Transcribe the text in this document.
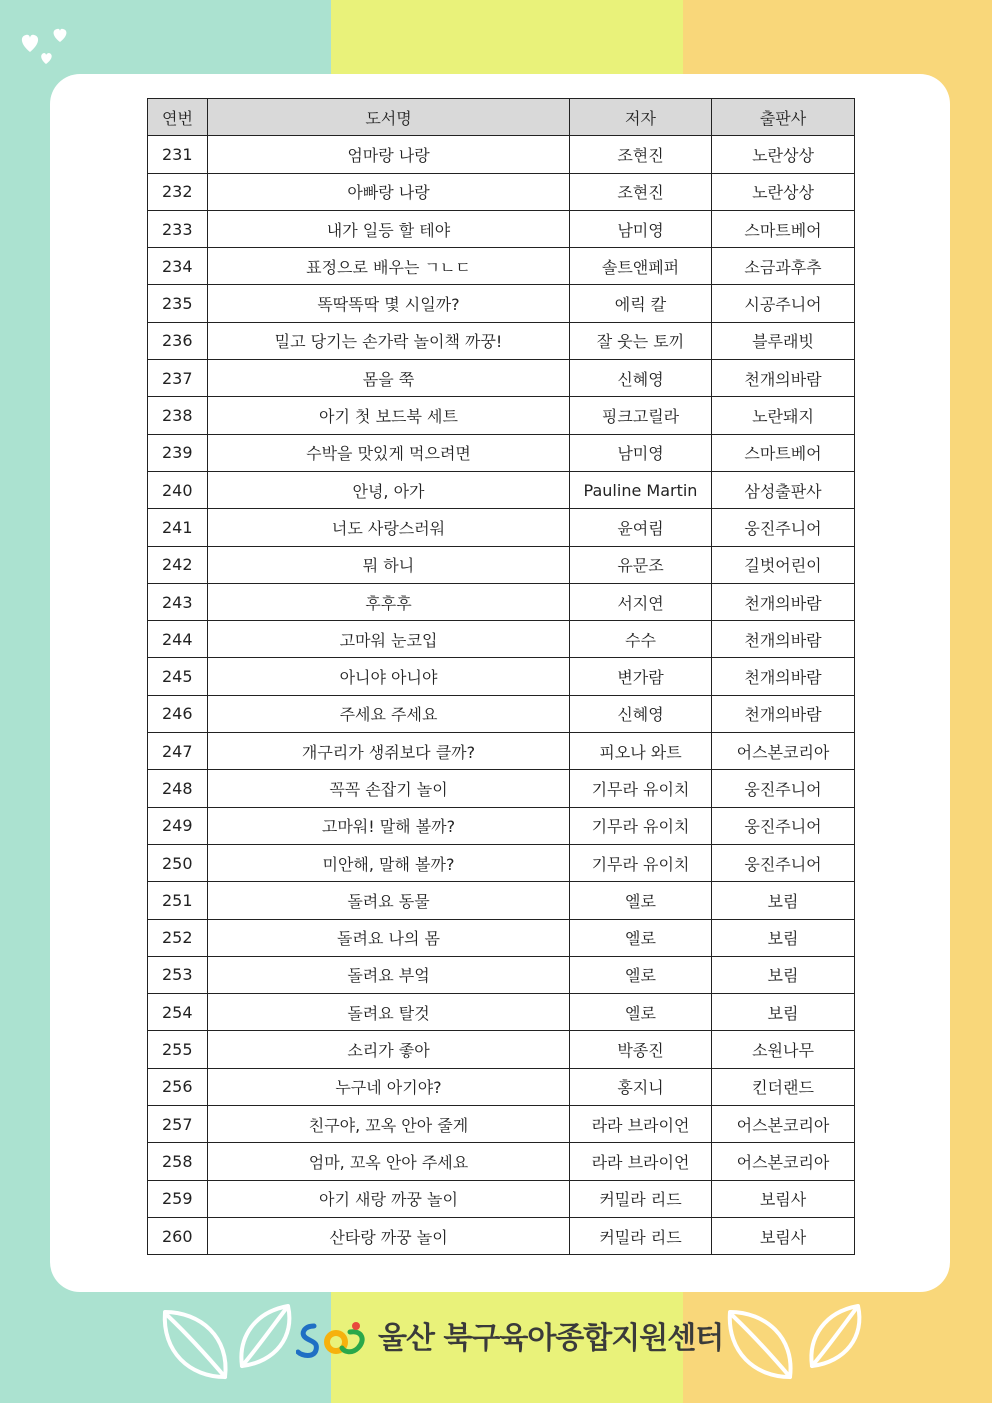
연번	도서명	저자	출판사
231	엄마랑 나랑	조현진	노란상상
232	아빠랑 나랑	조현진	노란상상
233	내가 일등 할 테야	남미영	스마트베어
234	표정으로 배우는 ㄱㄴㄷ	솔트앤페퍼	소금과후추
235	똑딱똑딱 몇 시일까?	에릭 칼	시공주니어
236	밀고 당기는 손가락 놀이책 까꿍!	잘 웃는 토끼	블루래빗
237	몸을 쭉	신혜영	천개의바람
238	아기 첫 보드북 세트	핑크고릴라	노란돼지
239	수박을 맛있게 먹으려면	남미영	스마트베어
240	안녕, 아가	Pauline Martin	삼성출판사
241	너도 사랑스러워	윤여림	웅진주니어
242	뭐 하니	유문조	길벗어린이
243	후후후	서지연	천개의바람
244	고마워 눈코입	수수	천개의바람
245	아니야 아니야	변가람	천개의바람
246	주세요 주세요	신혜영	천개의바람
247	개구리가 생쥐보다 클까?	피오나 와트	어스본코리아
248	꼭꼭 손잡기 놀이	기무라 유이치	웅진주니어
249	고마워! 말해 볼까?	기무라 유이치	웅진주니어
250	미안해, 말해 볼까?	기무라 유이치	웅진주니어
251	돌려요 동물	엘로	보림
252	돌려요 나의 몸	엘로	보림
253	돌려요 부엌	엘로	보림
254	돌려요 탈것	엘로	보림
255	소리가 좋아	박종진	소원나무
256	누구네 아기야?	홍지니	킨더랜드
257	친구야, 꼬옥 안아 줄게	라라 브라이언	어스본코리아
258	엄마, 꼬옥 안아 주세요	라라 브라이언	어스본코리아
259	아기 새랑 까꿍 놀이	커밀라 리드	보림사
260	산타랑 까꿍 놀이	커밀라 리드	보림사
울산 북구육아종합지원센터
